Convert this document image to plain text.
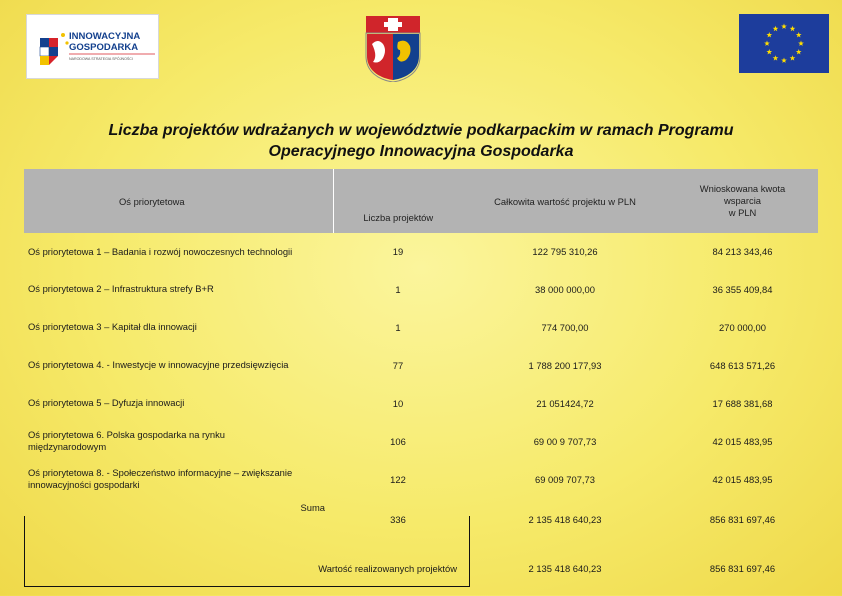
INNOWACYJNA
GOSPODARKA
NARODOWA STRATEGIA SPÓJNOŚCI
Liczba projektów wdrażanych w województwie podkarpackim w ramach Programu
Operacyjnego Innowacyjna Gospodarka
Oś priorytetowa	Liczba projektów	Całkowita wartość projektu w PLN	Wnioskowana kwota
wsparcia
w PLN

Oś priorytetowa 1 – Badania i rozwój nowoczesnych technologii	19	122 795 310,26	84 213 343,46

Oś priorytetowa 2 – Infrastruktura strefy B+R	1	38 000 000,00	36 355 409,84

Oś priorytetowa 3 – Kapitał dla innowacji	1	774 700,00	270 000,00

Oś priorytetowa 4. - Inwestycje w innowacyjne przedsięwzięcia	77	1 788 200 177,93	648 613 571,26

Oś priorytetowa 5 – Dyfuzja innowacji	10	21 051424,72	17 688 381,68

Oś priorytetowa 6. Polska gospodarka na rynku
międzynarodowym	106	69 00 9 707,73	42 015 483,95

Oś priorytetowa 8. - Społeczeństwo informacyjne – zwiększanie
innowacyjności gospodarki	122	69 009 707,73	42 015 483,95
Suma	336	2 135 418 640,23	856 831 697,46
Wartość realizowanych projektów		2 135 418 640,23	856 831 697,46
